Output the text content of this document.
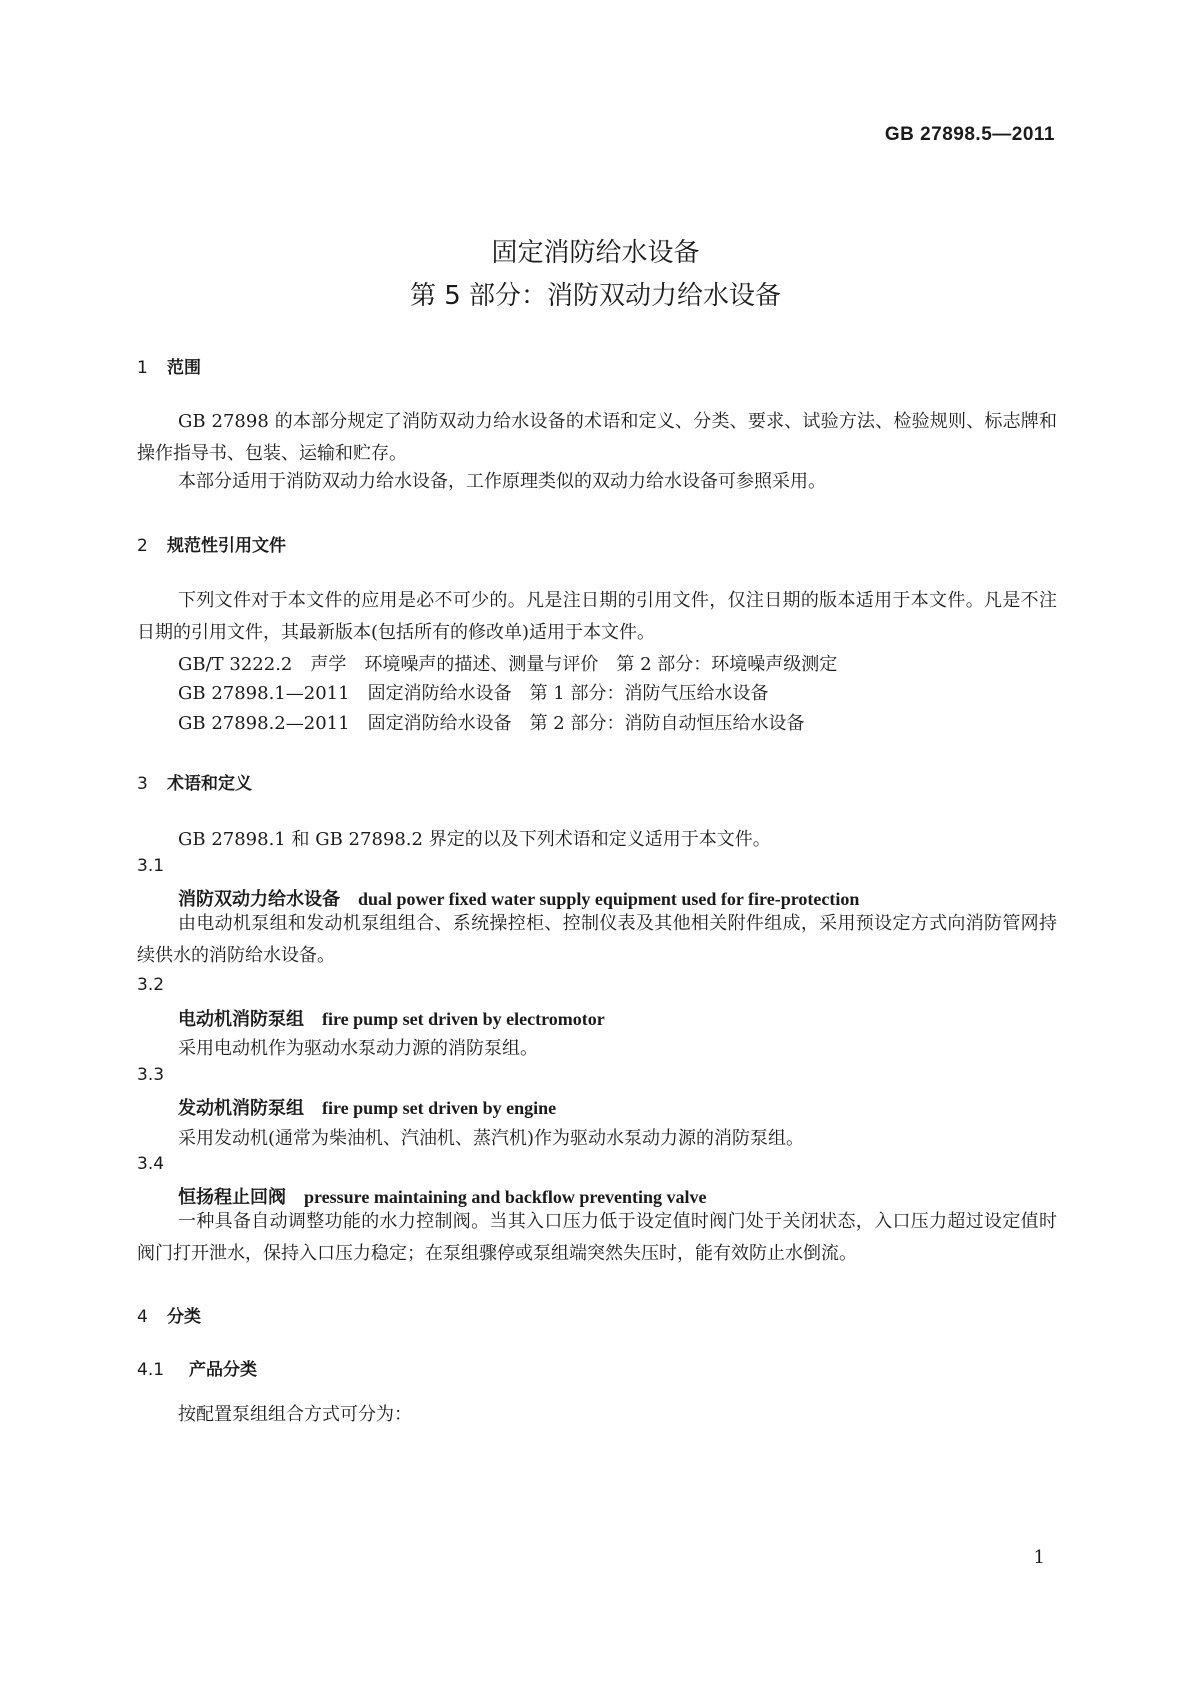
GB 27898.5—2011
固定消防给水设备
第 5 部分：消防双动力给水设备
1 范围
GB 27898 的本部分规定了消防双动力给水设备的术语和定义、分类、要求、试验方法、检验规则、标志牌和操作指导书、包装、运输和贮存。
本部分适用于消防双动力给水设备，工作原理类似的双动力给水设备可参照采用。
2 规范性引用文件
下列文件对于本文件的应用是必不可少的。凡是注日期的引用文件，仅注日期的版本适用于本文件。凡是不注日期的引用文件，其最新版本(包括所有的修改单)适用于本文件。
GB/T 3222.2　声学　环境噪声的描述、测量与评价　第 2 部分：环境噪声级测定
GB 27898.1—2011　固定消防给水设备　第 1 部分：消防气压给水设备
GB 27898.2—2011　固定消防给水设备　第 2 部分：消防自动恒压给水设备
3 术语和定义
GB 27898.1 和 GB 27898.2 界定的以及下列术语和定义适用于本文件。
3.1
消防双动力给水设备 dual power fixed water supply equipment used for fire-protection
由电动机泵组和发动机泵组组合、系统操控柜、控制仪表及其他相关附件组成，采用预设定方式向消防管网持续供水的消防给水设备。
3.2
电动机消防泵组 fire pump set driven by electromotor
采用电动机作为驱动水泵动力源的消防泵组。
3.3
发动机消防泵组 fire pump set driven by engine
采用发动机(通常为柴油机、汽油机、蒸汽机)作为驱动水泵动力源的消防泵组。
3.4
恒扬程止回阀 pressure maintaining and backflow preventing valve
一种具备自动调整功能的水力控制阀。当其入口压力低于设定值时阀门处于关闭状态，入口压力超过设定值时阀门打开泄水，保持入口压力稳定；在泵组骤停或泵组端突然失压时，能有效防止水倒流。
4 分类
4.1 产品分类
按配置泵组组合方式可分为：
1
